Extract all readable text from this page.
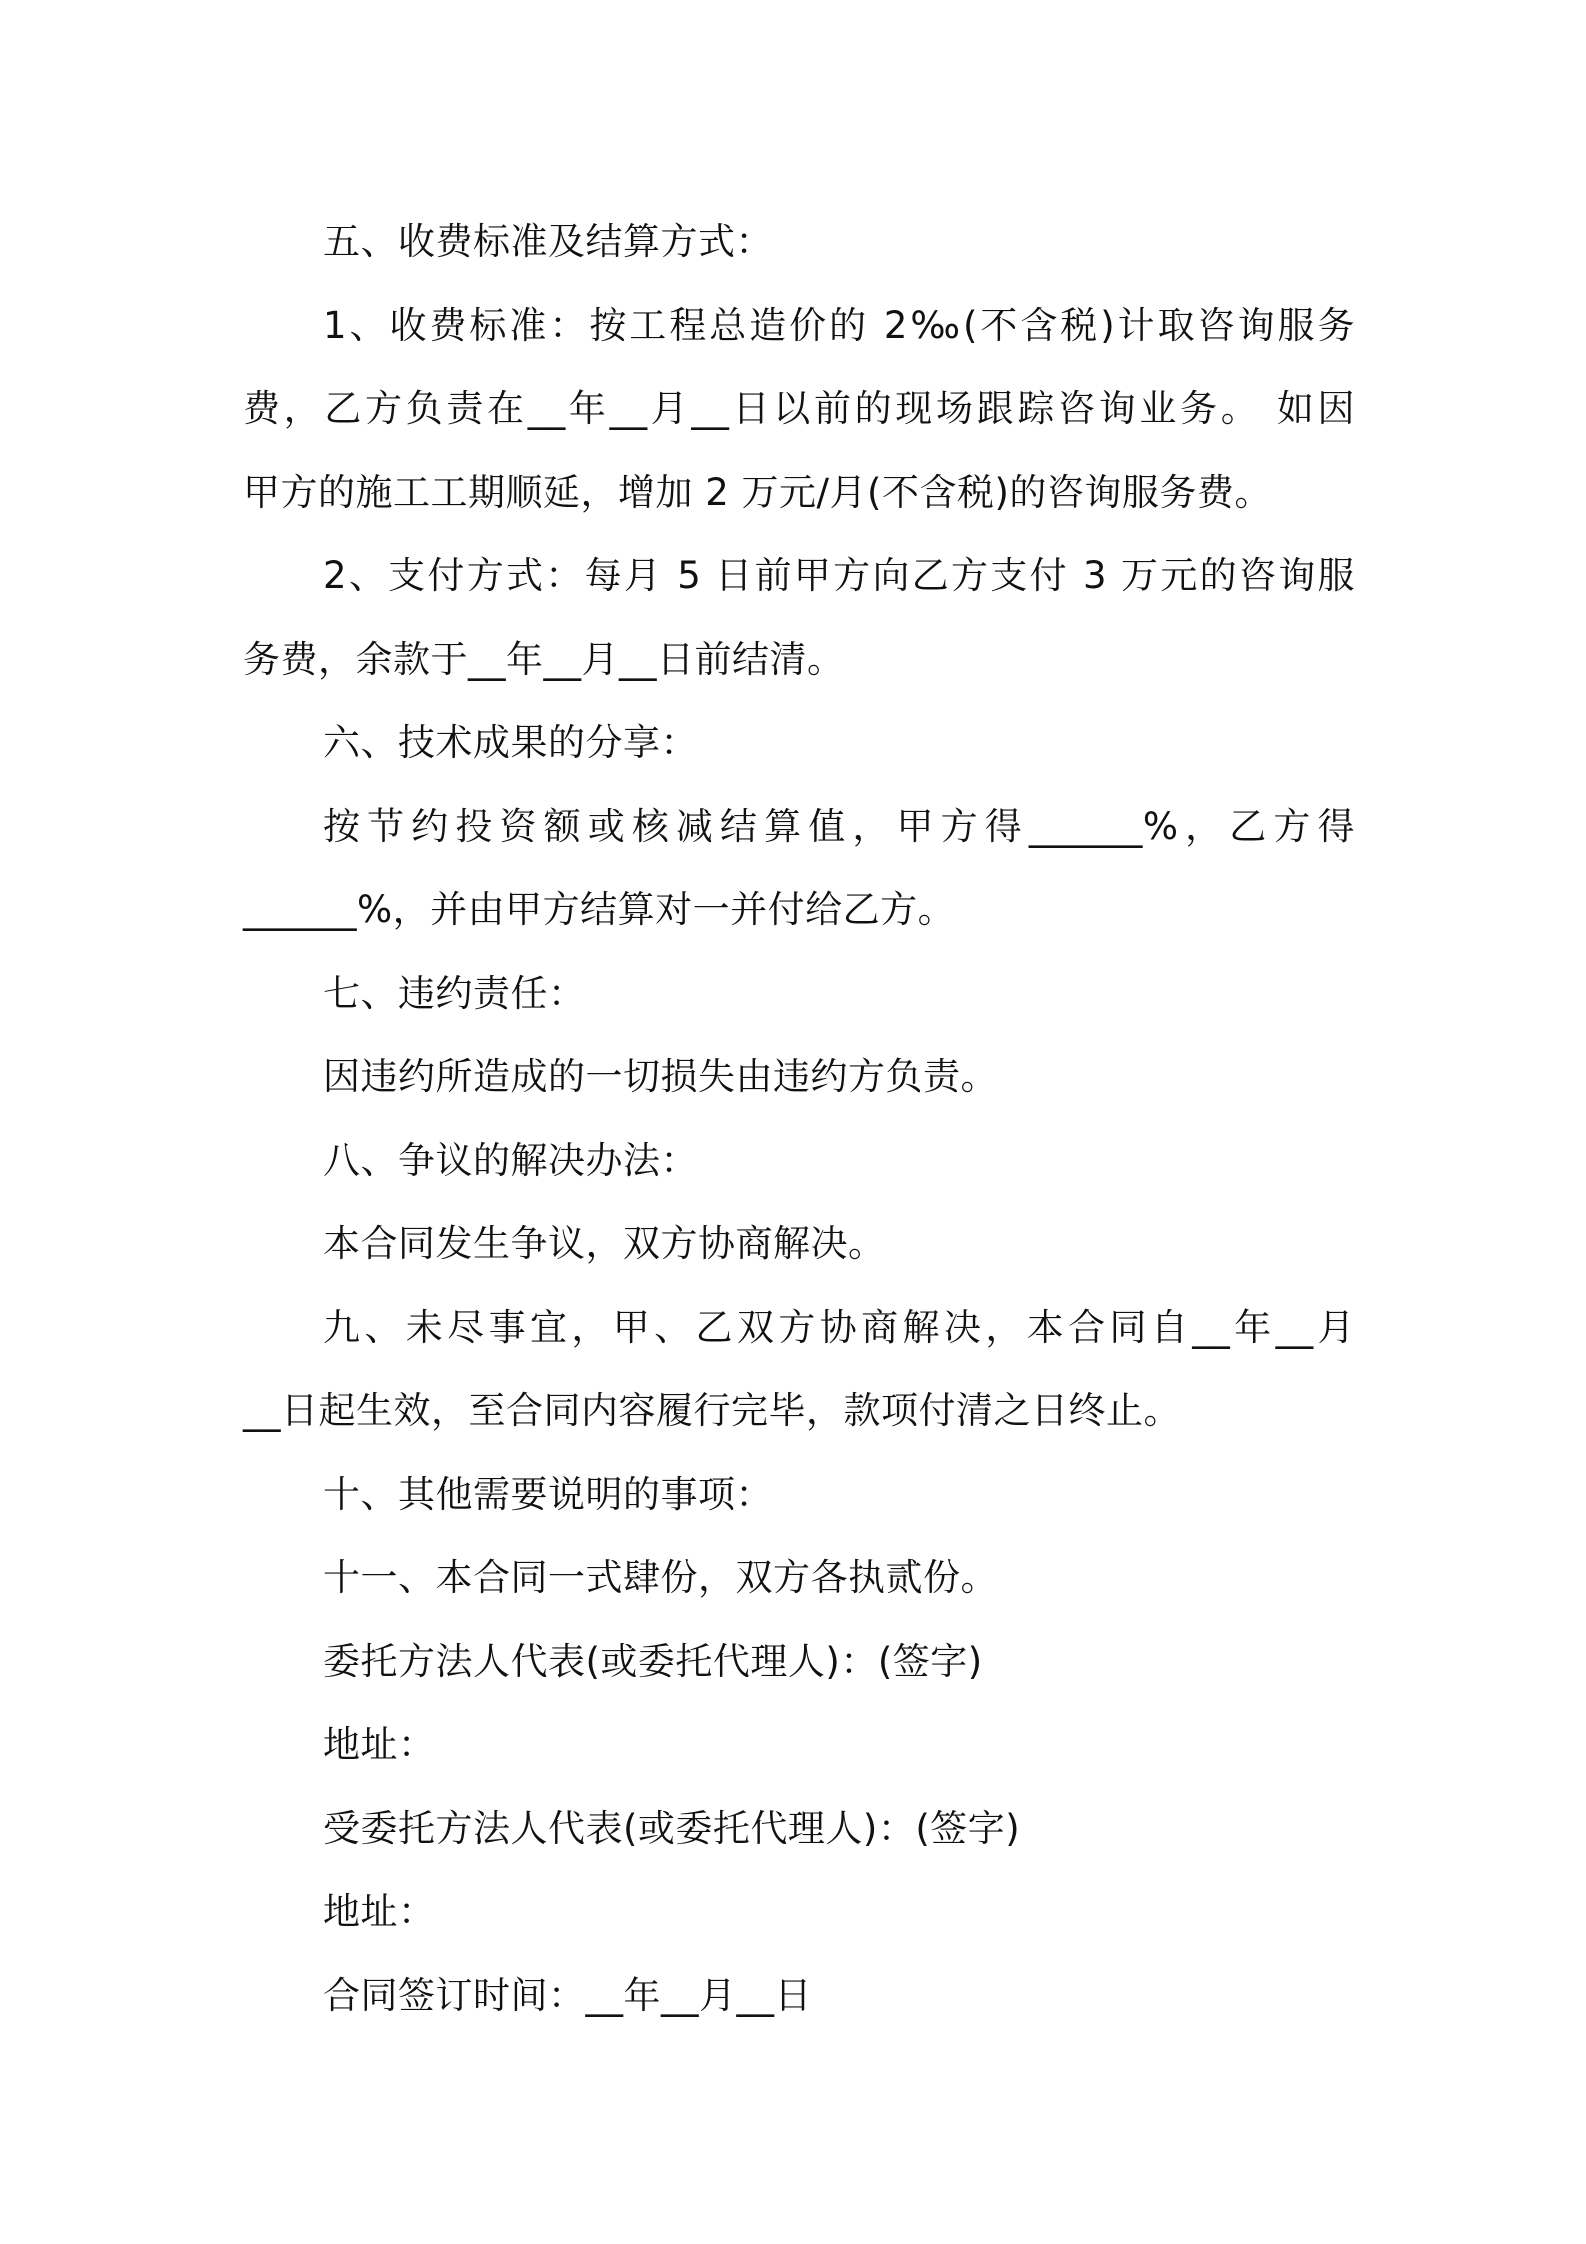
五、收费标准及结算方式：

1、收费标准：按工程总造价的 2‰(不含税)计取咨询服务

费，乙方负责在__年__月__日以前的现场跟踪咨询业务。 如因

甲方的施工工期顺延，增加 2 万元/月(不含税)的咨询服务费。

2、支付方式：每月 5 日前甲方向乙方支付 3 万元的咨询服

务费，余款于__年__月__日前结清。

六、技术成果的分享：

按节约投资额或核减结算值，甲方得______%，乙方得

______%，并由甲方结算对一并付给乙方。

七、违约责任：

因违约所造成的一切损失由违约方负责。

八、争议的解决办法：

本合同发生争议，双方协商解决。

九、未尽事宜，甲、乙双方协商解决，本合同自__年__月

__日起生效，至合同内容履行完毕，款项付清之日终止。

十、其他需要说明的事项：

十一、本合同一式肆份，双方各执贰份。

委托方法人代表(或委托代理人)：(签字)

地址：

受委托方法人代表(或委托代理人)：(签字)

地址：

合同签订时间：__年__月__日
